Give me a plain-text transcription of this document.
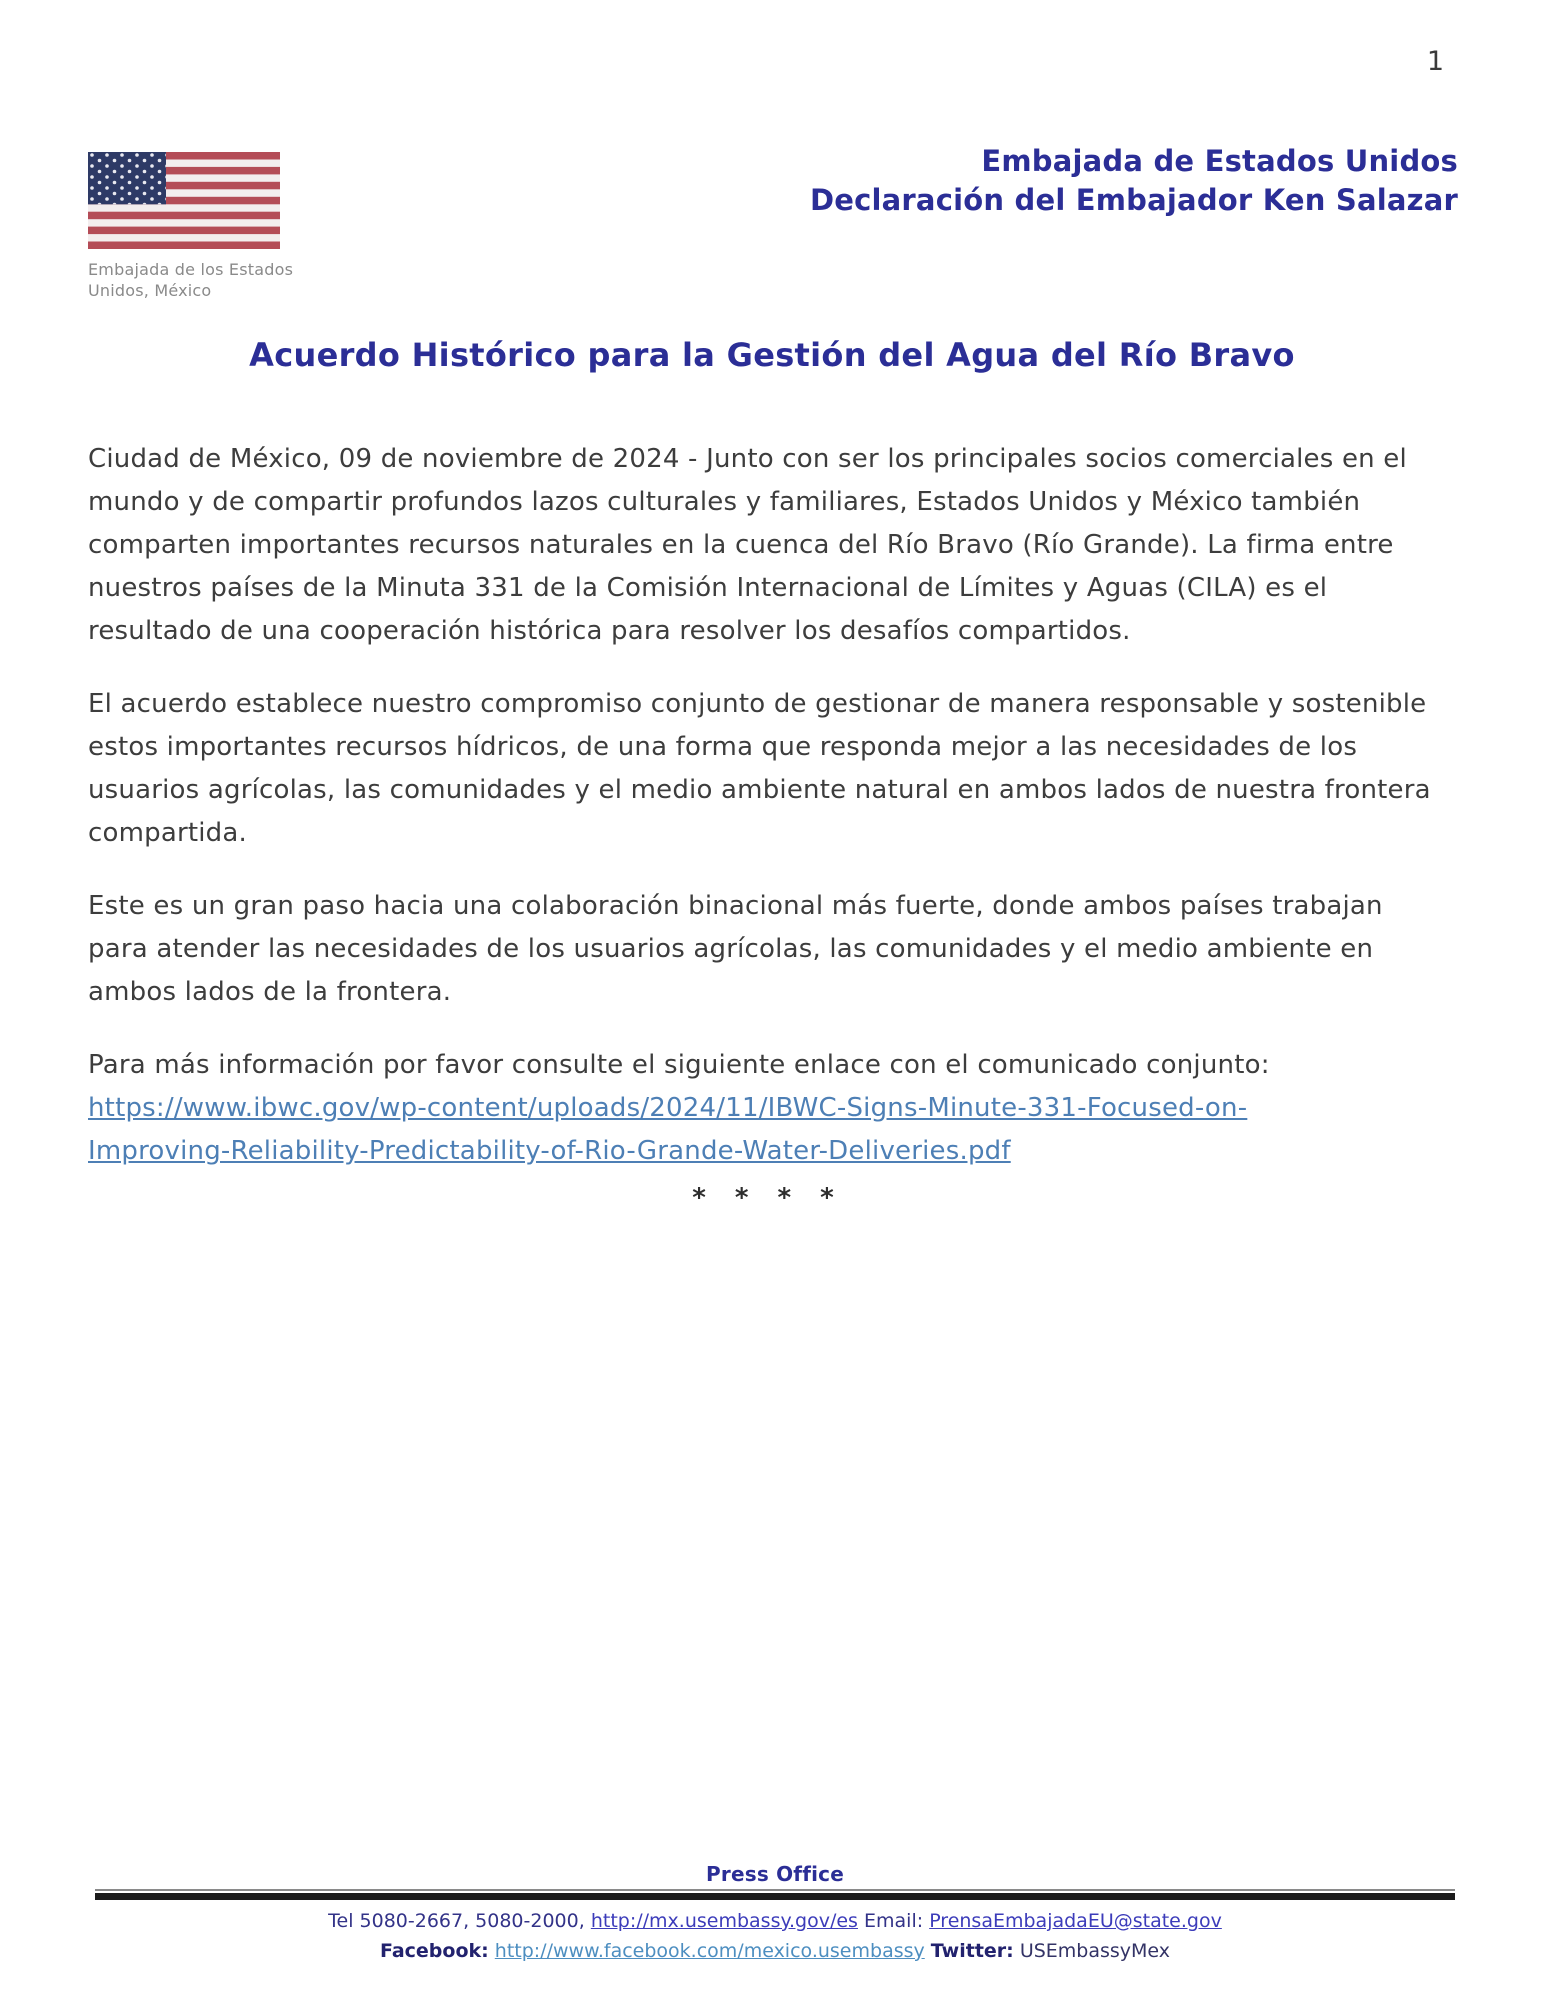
1
Embajada de los Estados
Unidos, México
Embajada de Estados Unidos
Declaración del Embajador Ken Salazar
Acuerdo Histórico para la Gestión del Agua del Río Bravo

Ciudad de México, 09 de noviembre de 2024 - Junto con ser los principales socios comerciales en el mundo y de compartir profundos lazos culturales y familiares, Estados Unidos y México también comparten importantes recursos naturales en la cuenca del Río Bravo (Río Grande). La firma entre nuestros países de la Minuta 331 de la Comisión Internacional de Límites y Aguas (CILA) es el resultado de una cooperación histórica para resolver los desafíos compartidos.

El acuerdo establece nuestro compromiso conjunto de gestionar de manera responsable y sostenible estos importantes recursos hídricos, de una forma que responda mejor a las necesidades de los usuarios agrícolas, las comunidades y el medio ambiente natural en ambos lados de nuestra frontera compartida.

Este es un gran paso hacia una colaboración binacional más fuerte, donde ambos países trabajan para atender las necesidades de los usuarios agrícolas, las comunidades y el medio ambiente en ambos lados de la frontera.

Para más información por favor consulte el siguiente enlace con el comunicado conjunto:
https://www.ibwc.gov/wp-content/uploads/2024/11/IBWC-Signs-Minute-331-Focused-on-
Improving-Reliability-Predictability-of-Rio-Grande-Water-Deliveries.pdf

* * * *
Press Office
Tel 5080-2667, 5080-2000, http://mx.usembassy.gov/es Email: PrensaEmbajadaEU@state.gov
Facebook: http://www.facebook.com/mexico.usembassy Twitter: USEmbassyMex
